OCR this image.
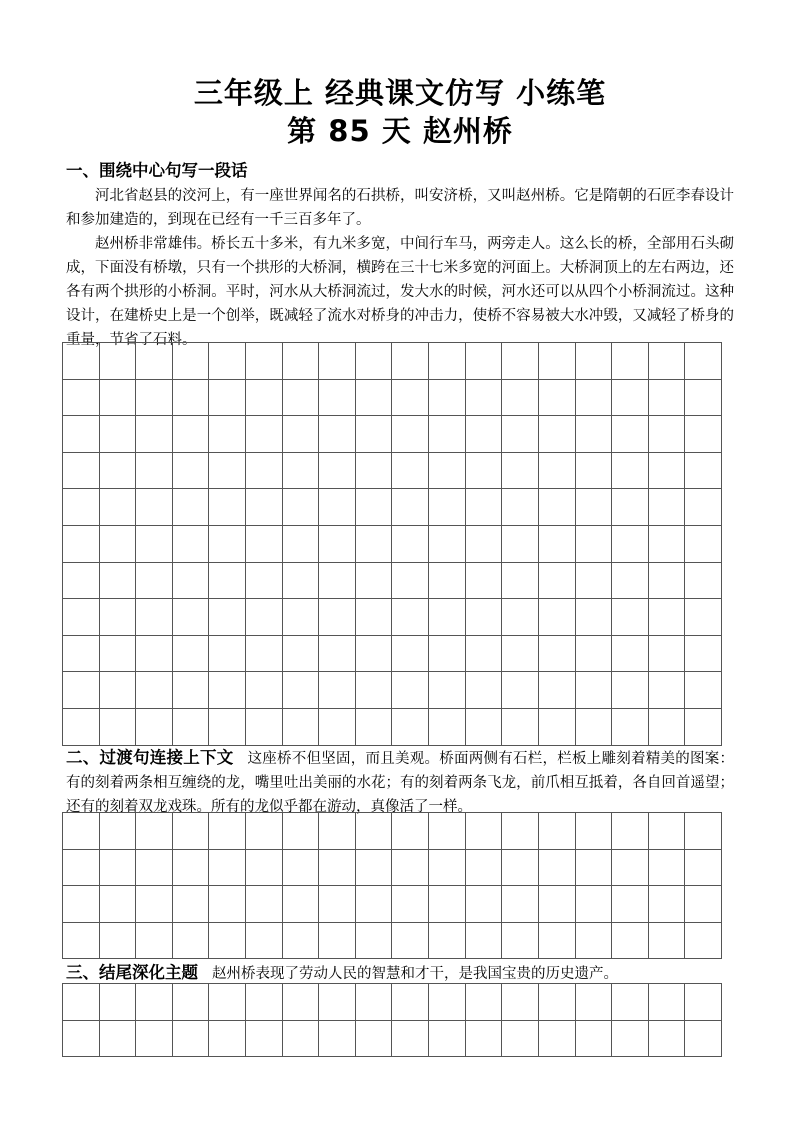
三年级上 经典课文仿写 小练笔
第 85 天 赵州桥
一、围绕中心句写一段话

河北省赵县的洨河上，有一座世界闻名的石拱桥，叫安济桥，又叫赵州桥。它是隋朝的石匠李春设计和参加建造的，到现在已经有一千三百多年了。

赵州桥非常雄伟。桥长五十多米，有九米多宽，中间行车马，两旁走人。这么长的桥，全部用石头砌成，下面没有桥墩，只有一个拱形的大桥洞，横跨在三十七米多宽的河面上。大桥洞顶上的左右两边，还各有两个拱形的小桥洞。平时，河水从大桥洞流过，发大水的时候，河水还可以从四个小桥洞流过。这种设计，在建桥史上是一个创举，既减轻了流水对桥身的冲击力，使桥不容易被大水冲毁，又减轻了桥身的重量，节省了石料。

二、过渡句连接上下文 这座桥不但坚固，而且美观。桥面两侧有石栏，栏板上雕刻着精美的图案：有的刻着两条相互缠绕的龙，嘴里吐出美丽的水花；有的刻着两条飞龙，前爪相互抵着，各自回首遥望；还有的刻着双龙戏珠。所有的龙似乎都在游动，真像活了一样。

三、结尾深化主题 赵州桥表现了劳动人民的智慧和才干，是我国宝贵的历史遗产。
